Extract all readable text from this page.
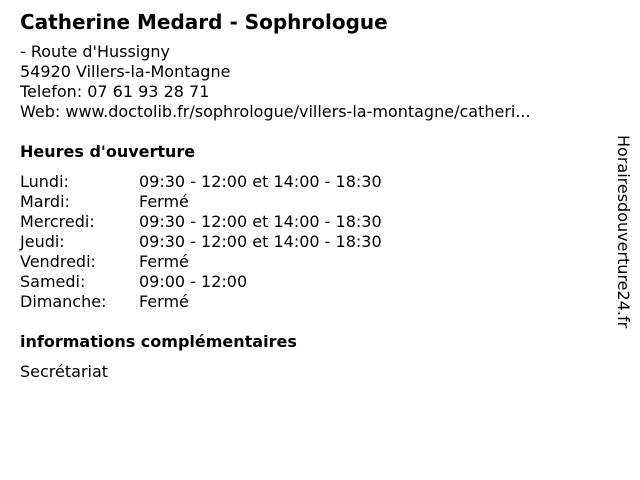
Catherine Medard - Sophrologue
- Route d'Hussigny
54920 Villers-la-Montagne
Telefon: 07 61 93 28 71
Web: www.doctolib.fr/sophrologue/villers-la-montagne/catheri...
Heures d'ouverture
Lundi:	09:30 - 12:00 et 14:00 - 18:30
Mardi:	Fermé
Mercredi:	09:30 - 12:00 et 14:00 - 18:30
Jeudi:	09:30 - 12:00 et 14:00 - 18:30
Vendredi:	Fermé
Samedi:	09:00 - 12:00
Dimanche:	Fermé
informations complémentaires
Secrétariat
Horairesdouverture24.fr
